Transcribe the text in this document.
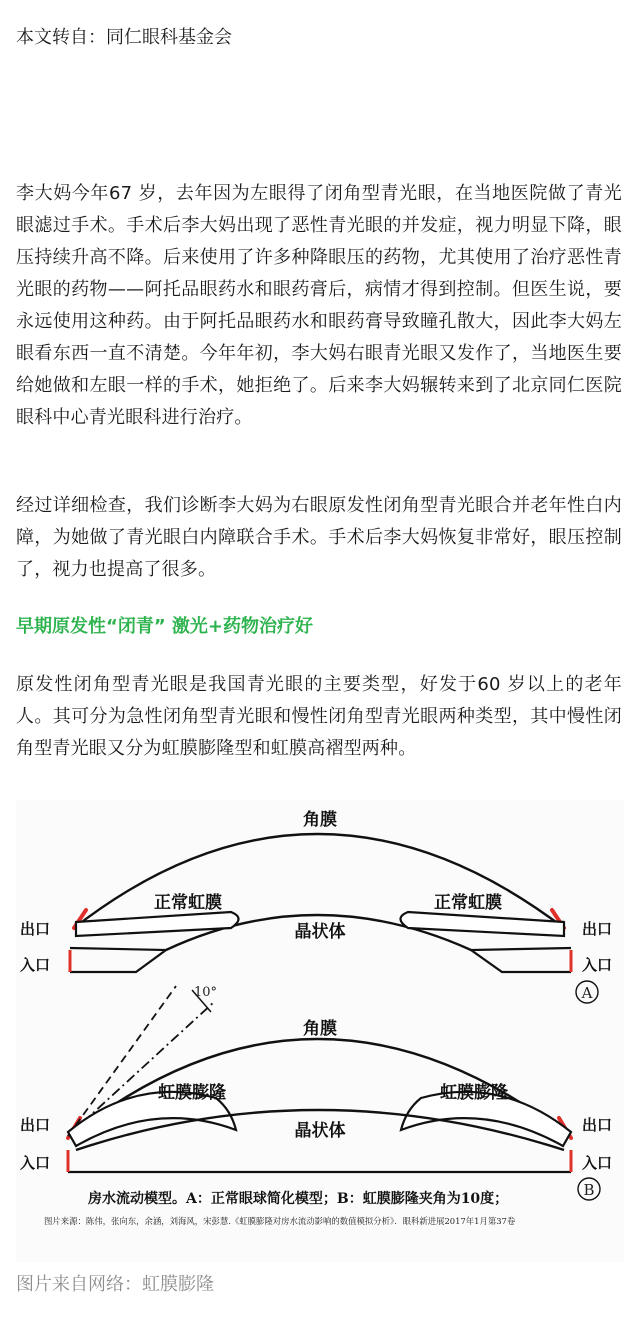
本文转自：同仁眼科基金会

李大妈今年67 岁，去年因为左眼得了闭角型青光眼，在当地医院做了青光眼滤过手术。手术后李大妈出现了恶性青光眼的并发症，视力明显下降，眼压持续升高不降。后来使用了许多种降眼压的药物，尤其使用了治疗恶性青光眼的药物——阿托品眼药水和眼药膏后，病情才得到控制。但医生说，要永远使用这种药。由于阿托品眼药水和眼药膏导致瞳孔散大，因此李大妈左眼看东西一直不清楚。今年年初，李大妈右眼青光眼又发作了，当地医生要给她做和左眼一样的手术，她拒绝了。后来李大妈辗转来到了北京同仁医院眼科中心青光眼科进行治疗。

经过详细检查，我们诊断李大妈为右眼原发性闭角型青光眼合并老年性白内障，为她做了青光眼白内障联合手术。手术后李大妈恢复非常好，眼压控制了，视力也提高了很多。

早期原发性“闭青” 激光+药物治疗好

原发性闭角型青光眼是我国青光眼的主要类型，好发于60 岁以上的老年人。其可分为急性闭角型青光眼和慢性闭角型青光眼两种类型，其中慢性闭角型青光眼又分为虹膜膨隆型和虹膜高褶型两种。

角膜
晶状体
正常虹膜	正常虹膜
出口	出口
入口	入口
A
10°
角膜
晶状体
虹膜膨隆	虹膜膨隆
出口	出口
入口	入口
B
房水流动模型。A：正常眼球简化模型；B：虹膜膨隆夹角为10度；
图片来源：陈伟，张向东，余涵，刘海风，宋彭慧.《虹膜膨隆对房水流动影响的数值模拟分析》．眼科新进展2017年1月第37卷
图片来自网络：虹膜膨隆
